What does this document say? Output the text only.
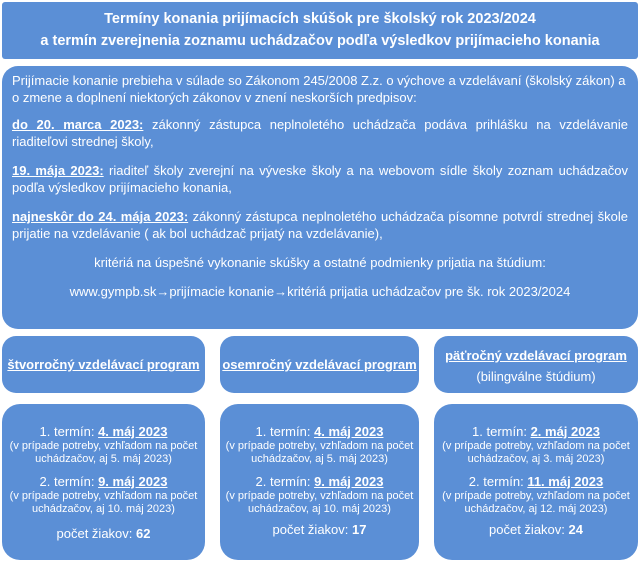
Termíny konania prijímacích skúšok pre školský rok 2023/2024
a termín zverejnenia zoznamu uchádzačov podľa výsledkov prijímacieho konania

Prijímacie konanie prebieha v súlade so Zákonom 245/2008 Z.z. o výchove a vzdelávaní (školský zákon) a o zmene a doplnení niektorých zákonov v znení neskorších predpisov:

do 20. marca 2023: zákonný zástupca neplnoletého uchádzača podáva prihlášku na vzdelávanie riaditeľovi strednej školy,

19. mája 2023: riaditeľ školy zverejní na výveske školy a na webovom sídle školy zoznam uchádzačov podľa výsledkov prijímacieho konania,

najneskôr do 24. mája 2023: zákonný zástupca neplnoletého uchádzača písomne potvrdí strednej škole prijatie na vzdelávanie ( ak bol uchádzač prijatý na vzdelávanie),

kritériá na úspešné vykonanie skúšky a ostatné podmienky prijatia na štúdium:

www.gympb.sk→prijímacie konanie→kritériá prijatia uchádzačov pre šk. rok 2023/2024

štvorročný vzdelávací program	osemročný vzdelávací program
päťročný vzdelávací program
(bilingválne štúdium)
1. termín: 4. máj 2023
(v prípade potreby, vzhľadom na počet uchádzačov, aj 5. máj 2023)
2. termín: 9. máj 2023
(v prípade potreby, vzhľadom na počet uchádzačov, aj 10. máj 2023)
počet žiakov: 62
1. termín: 4. máj 2023
(v prípade potreby, vzhľadom na počet uchádzačov, aj 5. máj 2023)
2. termín: 9. máj 2023
(v prípade potreby, vzhľadom na počet uchádzačov, aj 10. máj 2023)
počet žiakov: 17
1. termín: 2. máj 2023
(v prípade potreby, vzhľadom na počet uchádzačov, aj 3. máj 2023)
2. termín: 11. máj 2023
(v prípade potreby, vzhľadom na počet uchádzačov, aj 12. máj 2023)
počet žiakov: 24
